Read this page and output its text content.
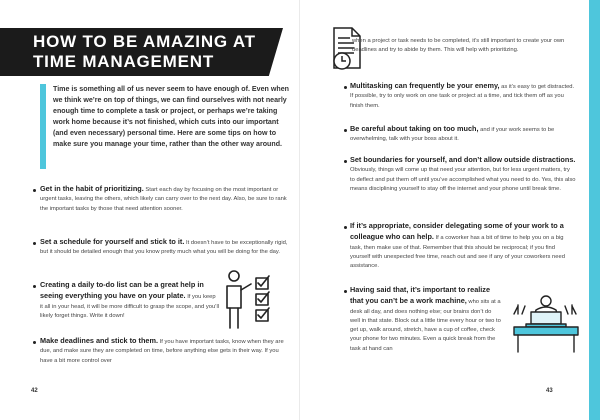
HOW TO BE AMAZING AT TIME MANAGEMENT
Time is something all of us never seem to have enough of. Even when we think we’re on top of things, we can find ourselves with not nearly enough time to complete a task or project, or perhaps we’re taking work home because it’s not finished, which cuts into our important (and even necessary) personal time. Here are some tips on how to make sure you manage your time, rather than the other way around.
Get in the habit of prioritizing. Start each day by focusing on the most important or urgent tasks, leaving the others, which likely can carry over to the next day. Also, be sure to rank the important tasks by those that need attention sooner.
Set a schedule for yourself and stick to it. It doesn’t have to be exceptionally rigid, but it should be detailed enough that you know pretty much what you will be doing for the day.
Creating a daily to-do list can be a great help in seeing everything you have on your plate. If you keep it all in your head, it will be more difficult to grasp the scope, and you’ll likely forget things. Write it down!
Make deadlines and stick to them. If you have important tasks, know when they are due, and make sure they are completed on time, before anything else gets in their way. If you have a bit more control over
42
when a project or task needs to be completed, it’s still important to create your own deadlines and try to abide by them. This will help with prioritizing.
Multitasking can frequently be your enemy, as it’s easy to get distracted. If possible, try to only work on one task or project at a time, and tick them off as you finish them.
Be careful about taking on too much, and if your work seems to be overwhelming, talk with your boss about it.
Set boundaries for yourself, and don’t allow outside distractions. Obviously, things will come up that need your attention, but for less urgent matters, try to deflect and put them off until you’ve accomplished what you need to do. Yes, this also means disciplining yourself to stay off the internet and your phone until break time.
If it’s appropriate, consider delegating some of your work to a colleague who can help. If a coworker has a bit of time to help you on a big task, then make use of that. Remember that this should be reciprocal; if you find yourself with unexpected free time, reach out and see if any of your coworkers need assistance.
Having said that, it’s important to realize that you can’t be a work machine, who sits at a desk all day, and does nothing else; our brains don’t do well in that state. Block out a little time every hour or two to get up, walk around, stretch, have a cup of coffee, check your phone for two minutes. Even a quick break from the task at hand can
43
